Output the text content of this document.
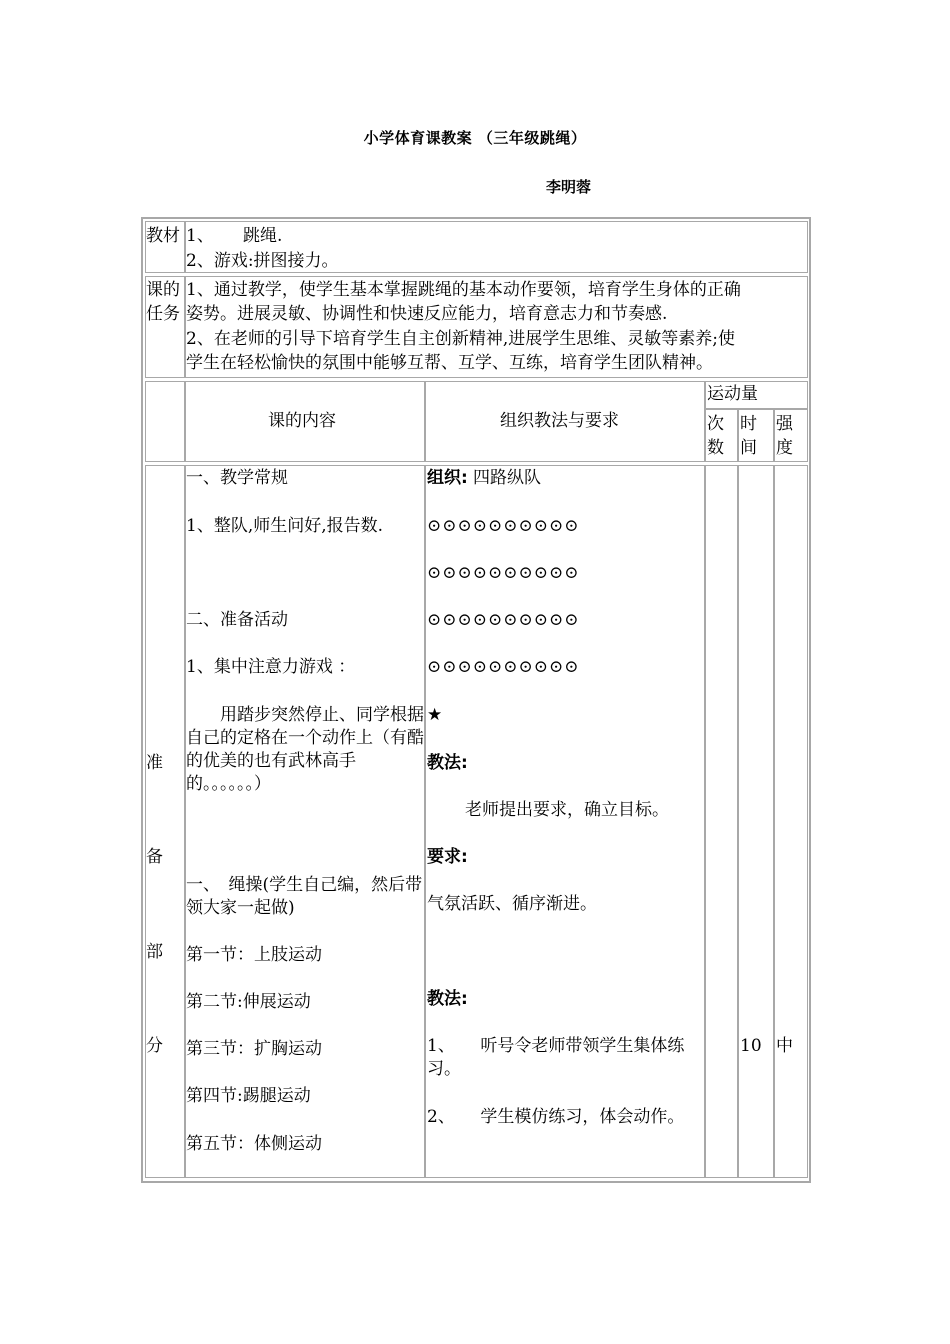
小学体育课教案 （三年级跳绳）
李明蓉
教材 1、 跳绳.
2、游戏:拼图接力。
课的
任务
1、通过教学，使学生基本掌握跳绳的基本动作要领，培育学生身体的正确
姿势。进展灵敏、协调性和快速反应能力，培育意志力和节奏感.
2、在老师的引导下培育学生自主创新精神,进展学生思维、灵敏等素养;使
学生在轻松愉快的氛围中能够互帮、互学、互练，培育学生团队精神。
课的内容	组织教法与要求
运动量
次
数
时
间
强
度
准
备
部
分
一、教学常规
1、整队,师生问好,报告数.
二、准备活动
1、集中注意力游戏 ：
　　用踏步突然停止、同学根据自己的定格在一个动作上（有酷的优美的也有武林高手的。。。。。。）
一、　绳操(学生自己编，然后带领大家一起做)
第一节：上肢运动
第二节:伸展运动
第三节：扩胸运动
第四节:踢腿运动
第五节：体侧运动
组织: 四路纵队
⊙⊙⊙⊙⊙⊙⊙⊙⊙⊙
⊙⊙⊙⊙⊙⊙⊙⊙⊙⊙
⊙⊙⊙⊙⊙⊙⊙⊙⊙⊙
⊙⊙⊙⊙⊙⊙⊙⊙⊙⊙
★
教法:
老师提出要求，确立目标。
要求:
气氛活跃、循序渐进。
教法:
1、　　听号令老师带领学生集体练习。
2、　　学生模仿练习，体会动作。
10 中
